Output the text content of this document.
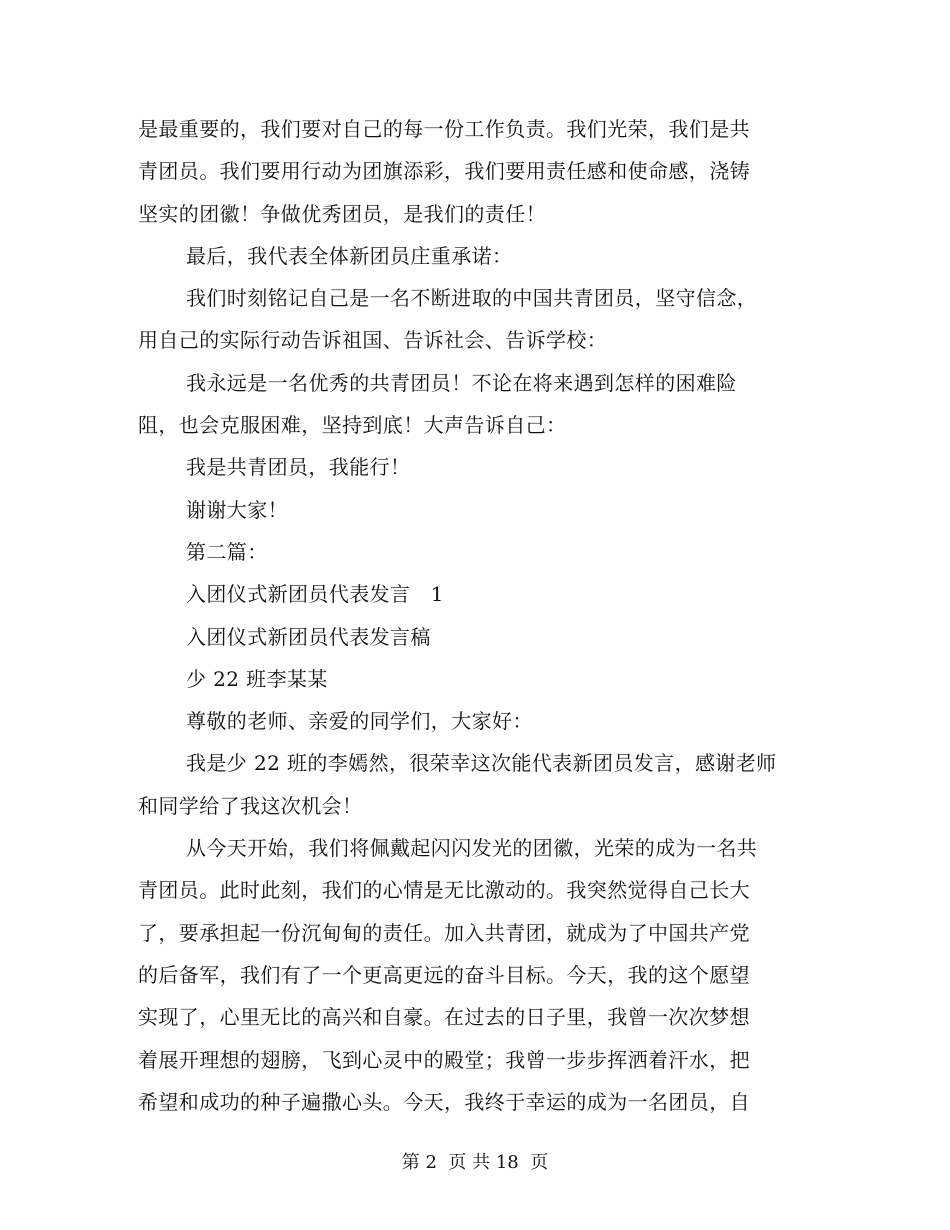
是最重要的，我们要对自己的每一份工作负责。我们光荣，我们是共
青团员。我们要用行动为团旗添彩，我们要用责任感和使命感，浇铸
坚实的团徽！争做优秀团员，是我们的责任！
最后，我代表全体新团员庄重承诺：
我们时刻铭记自己是一名不断进取的中国共青团员，坚守信念，
用自己的实际行动告诉祖国、告诉社会、告诉学校：
我永远是一名优秀的共青团员！不论在将来遇到怎样的困难险
阻，也会克服困难，坚持到底！大声告诉自己：
我是共青团员，我能行！
谢谢大家！
第二篇：
入团仪式新团员代表发言　1
入团仪式新团员代表发言稿
少 22 班李某某
尊敬的老师、亲爱的同学们，大家好：
我是少 22 班的李嫣然，很荣幸这次能代表新团员发言，感谢老师
和同学给了我这次机会！
从今天开始，我们将佩戴起闪闪发光的团徽，光荣的成为一名共
青团员。此时此刻，我们的心情是无比激动的。我突然觉得自己长大
了，要承担起一份沉甸甸的责任。加入共青团，就成为了中国共产党
的后备军，我们有了一个更高更远的奋斗目标。今天，我的这个愿望
实现了，心里无比的高兴和自豪。在过去的日子里，我曾一次次梦想
着展开理想的翅膀，飞到心灵中的殿堂；我曾一步步挥洒着汗水，把
希望和成功的种子遍撒心头。今天，我终于幸运的成为一名团员，自
第 2  页 共 18  页
